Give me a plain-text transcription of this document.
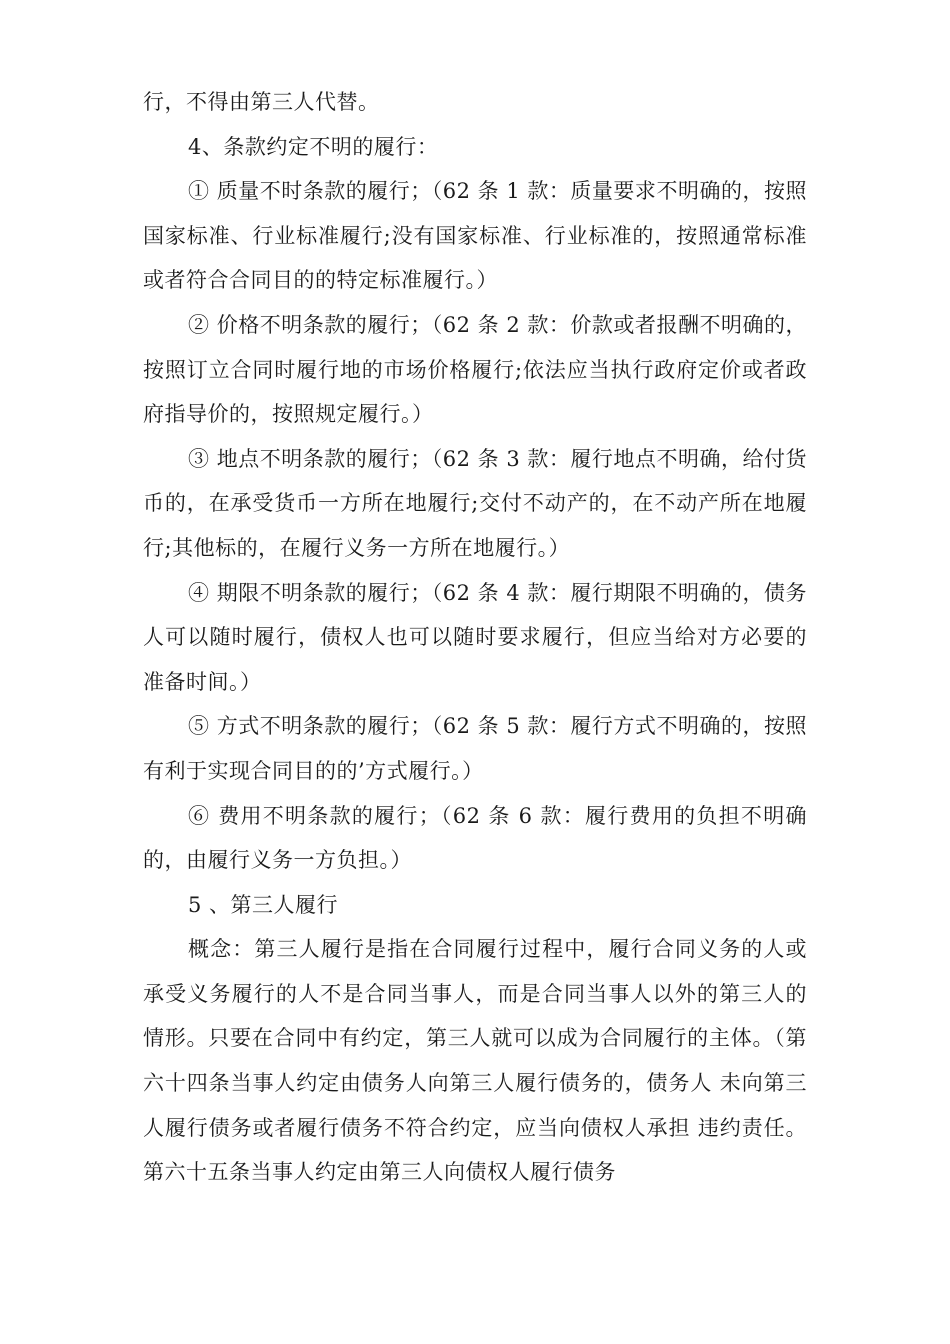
行，不得由第三人代替。

4、条款约定不明的履行：

① 质量不时条款的履行；（62 条 1 款：质量要求不明确的，按照国家标准、行业标准履行;没有国家标准、行业标准的，按照通常标准或者符合合同目的的特定标准履行。）

② 价格不明条款的履行；（62 条 2 款：价款或者报酬不明确的，按照订立合同时履行地的市场价格履行;依法应当执行政府定价或者政府指导价的，按照规定履行。）

③ 地点不明条款的履行；（62 条 3 款：履行地点不明确，给付货币的，在承受货币一方所在地履行;交付不动产的，在不动产所在地履行;其他标的，在履行义务一方所在地履行。）

④ 期限不明条款的履行；（62 条 4 款：履行期限不明确的，债务人可以随时履行，债权人也可以随时要求履行，但应当给对方必要的准备时间。）

⑤ 方式不明条款的履行；（62 条 5 款：履行方式不明确的，按照有利于实现合同目的的’方式履行。）

⑥ 费用不明条款的履行；（62 条 6 款：履行费用的负担不明确的，由履行义务一方负担。）

5 、第三人履行

概念：第三人履行是指在合同履行过程中，履行合同义务的人或承受义务履行的人不是合同当事人，而是合同当事人以外的第三人的情形。只要在合同中有约定，第三人就可以成为合同履行的主体。（第六十四条当事人约定由债务人向第三人履行债务的，债务人 未向第三人履行债务或者履行债务不符合约定，应当向债权人承担 违约责任。第六十五条当事人约定由第三人向债权人履行债务
